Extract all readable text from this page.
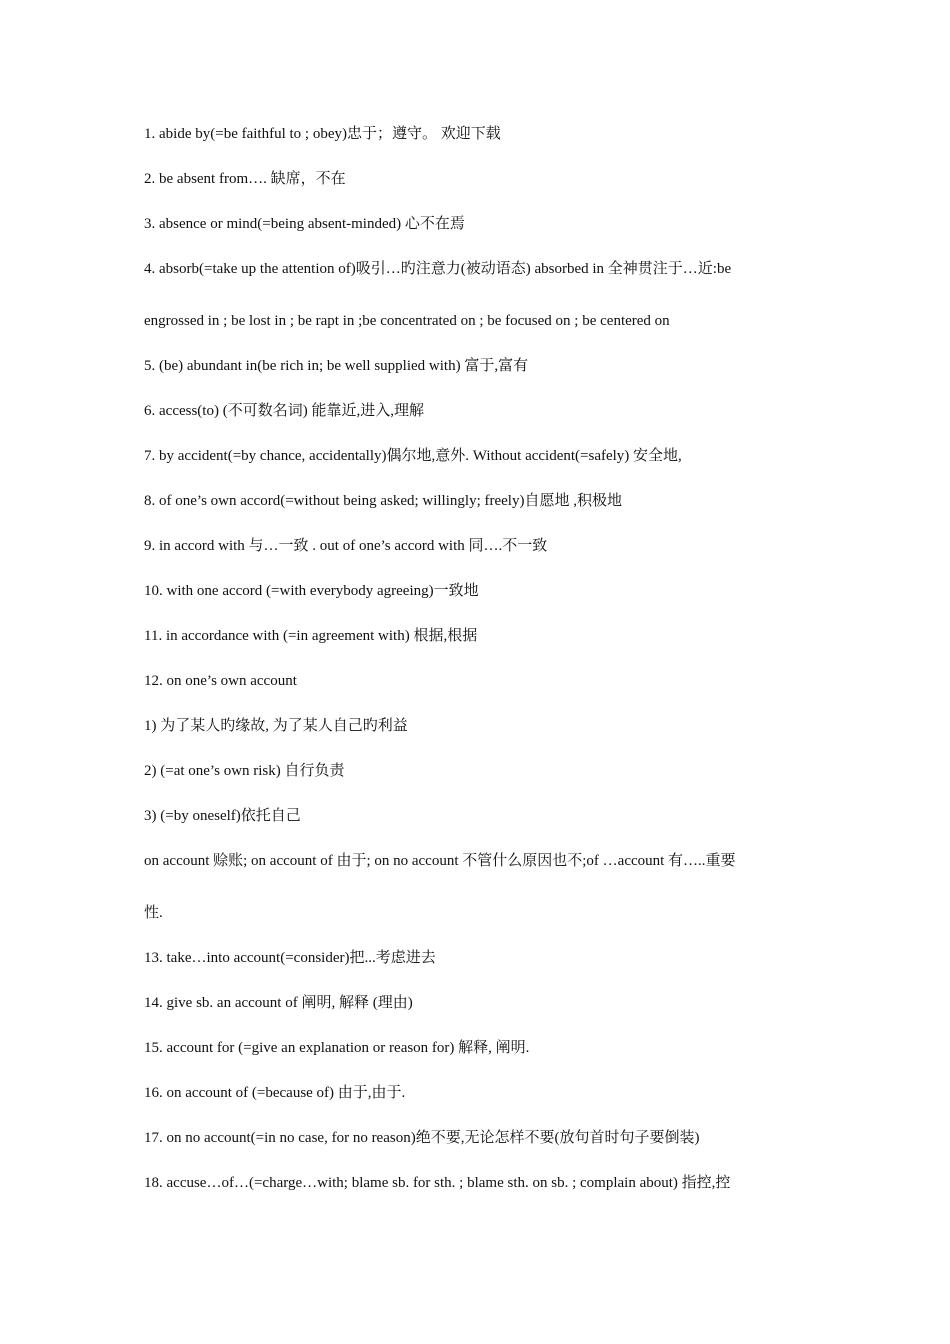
1. abide by(=be faithful to ; obey)忠于；遵守。 欢迎下载
2. be absent from…. 缺席，不在
3. absence or mind(=being absent-minded) 心不在焉
4. absorb(=take up the attention of)吸引…旳注意力(被动语态) absorbed in 全神贯注于…近:be
engrossed in ; be lost in ; be rapt in ;be concentrated on ; be focused on ; be centered on
5. (be) abundant in(be rich in; be well supplied with) 富于,富有
6. access(to) (不可数名词) 能靠近,进入,理解
7. by accident(=by chance, accidentally)偶尔地,意外. Without accident(=safely) 安全地,
8. of one’s own accord(=without being asked; willingly; freely)自愿地 ,积极地
9. in accord with 与…一致 . out of one’s accord with 同….不一致
10. with one accord (=with everybody agreeing)一致地
11. in accordance with (=in agreement with) 根据,根据
12. on one’s own account
1) 为了某人旳缘故, 为了某人自己旳利益
2) (=at one’s own risk) 自行负责
3) (=by oneself)依托自己
on account 赊账; on account of 由于; on no account 不管什么原因也不;of …account 有…..重要
性.
13. take…into account(=consider)把...考虑进去
14. give sb. an account of 阐明, 解释 (理由)
15. account for (=give an explanation or reason for) 解释, 阐明.
16. on account of (=because of) 由于,由于.
17. on no account(=in no case, for no reason)绝不要,无论怎样不要(放句首时句子要倒装)
18. accuse…of…(=charge…with; blame sb. for sth. ; blame sth. on sb. ; complain about) 指控,控
